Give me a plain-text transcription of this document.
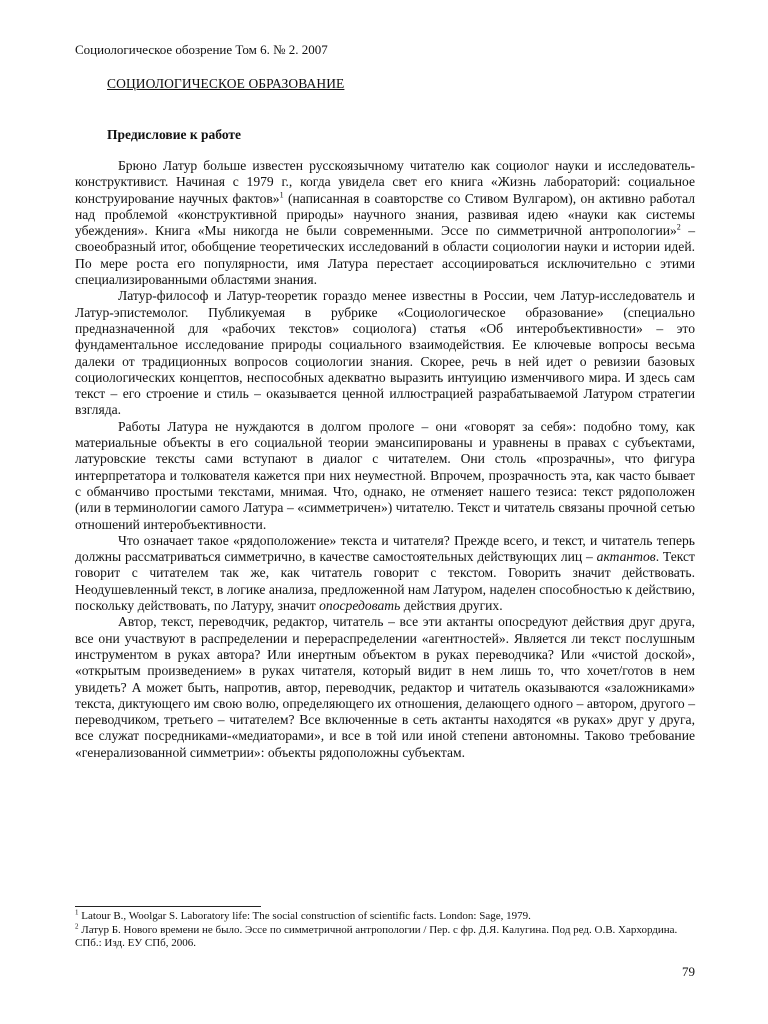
Социологическое обозрение Том 6. № 2. 2007
СОЦИОЛОГИЧЕСКОЕ ОБРАЗОВАНИЕ
Предисловие к работе

Брюно Латур больше известен русскоязычному читателю как социолог науки и исследователь-конструктивист. Начиная с 1979 г., когда увидела свет его книга «Жизнь лабораторий: социальное конструирование научных фактов»$^1$ (написанная в соавторстве со Стивом Вулгаром), он активно работал над проблемой «конструктивной природы» научного знания, развивая идею «науки как системы убеждения». Книга «Мы никогда не были современными. Эссе по симметричной антропологии»$^2$ – своеобразный итог, обобщение теоретических исследований в области социологии науки и истории идей. По мере роста его популярности, имя Латура перестает ассоциироваться исключительно с этими специализированными областями знания.

Латур-философ и Латур-теоретик гораздо менее известны в России, чем Латур-исследователь и Латур-эпистемолог. Публикуемая в рубрике «Социологическое образование» (специально предназначенной для «рабочих текстов» социолога) статья «Об интеробъективности» – это фундаментальное исследование природы социального взаимодействия. Ее ключевые вопросы весьма далеки от традиционных вопросов социологии знания. Скорее, речь в ней идет о ревизии базовых социологических концептов, неспособных адекватно выразить интуицию изменчивого мира. И здесь сам текст – его строение и стиль – оказывается ценной иллюстрацией разрабатываемой Латуром стратегии взгляда.

Работы Латура не нуждаются в долгом прологе – они «говорят за себя»: подобно тому, как материальные объекты в его социальной теории эмансипированы и уравнены в правах с субъектами, латуровские тексты сами вступают в диалог с читателем. Они столь «прозрачны», что фигура интерпретатора и толкователя кажется при них неуместной. Впрочем, прозрачность эта, как часто бывает с обманчиво простыми текстами, мнимая. Что, однако, не отменяет нашего тезиса: текст рядоположен (или в терминологии самого Латура – «симметричен») читателю. Текст и читатель связаны прочной сетью отношений интеробъективности.

Что означает такое «рядоположение» текста и читателя? Прежде всего, и текст, и читатель теперь должны рассматриваться симметрично, в качестве самостоятельных действующих лиц – актантов. Текст говорит с читателем так же, как читатель говорит с текстом. Говорить значит действовать. Неодушевленный текст, в логике анализа, предложенной нам Латуром, наделен способностью к действию, поскольку действовать, по Латуру, значит опосредовать действия других.

Автор, текст, переводчик, редактор, читатель – все эти актанты опосредуют действия друг друга, все они участвуют в распределении и перераспределении «агентностей». Является ли текст послушным инструментом в руках автора? Или инертным объектом в руках переводчика? Или «чистой доской», «открытым произведением» в руках читателя, который видит в нем лишь то, что хочет/готов в нем увидеть? А может быть, напротив, автор, переводчик, редактор и читатель оказываются «заложниками» текста, диктующего им свою волю, определяющего их отношения, делающего одного – автором, другого – переводчиком, третьего – читателем? Все включенные в сеть актанты находятся «в руках» друг у друга, все служат посредниками-«медиаторами», и все в той или иной степени автономны. Таково требование «генерализованной симметрии»: объекты рядоположны субъектам.

$^1$ Latour B., Woolgar S. Laboratory life: The social construction of scientific facts. London: Sage, 1979.
$^2$ Латур Б. Нового времени не было. Эссе по симметричной антропологии / Пер. с фр. Д.Я. Калугина. Под ред. О.В. Хархордина. СПб.: Изд. ЕУ СПб, 2006.
79
